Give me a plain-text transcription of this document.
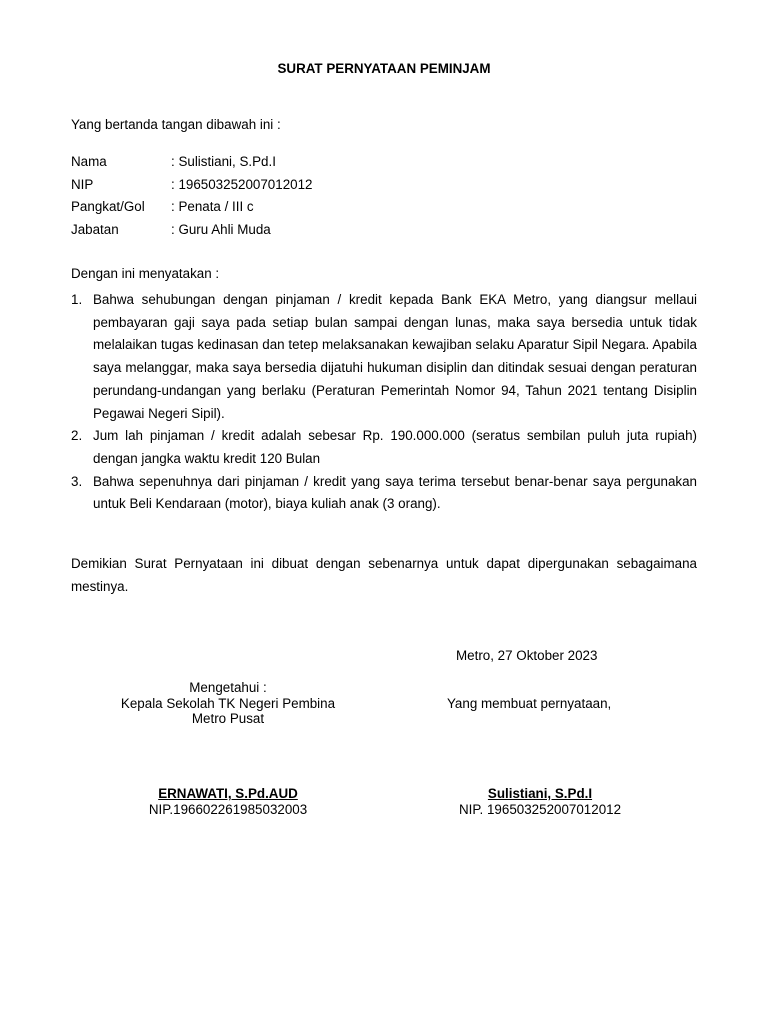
SURAT PERNYATAAN PEMINJAM
Yang bertanda tangan dibawah ini :
Nama	: Sulistiani, S.Pd.I
NIP	: 196503252007012012
Pangkat/Gol	: Penata / III c
Jabatan	: Guru Ahli Muda
Dengan ini menyatakan :
1. Bahwa sehubungan dengan pinjaman / kredit kepada Bank EKA Metro, yang diangsur mellaui pembayaran gaji saya pada setiap bulan sampai dengan lunas, maka saya bersedia untuk tidak melalaikan tugas kedinasan dan tetep melaksanakan kewajiban selaku Aparatur Sipil Negara. Apabila saya melanggar, maka saya bersedia dijatuhi hukuman disiplin dan ditindak sesuai dengan peraturan perundang-undangan yang berlaku (Peraturan Pemerintah Nomor 94, Tahun 2021 tentang Disiplin Pegawai Negeri Sipil).
2. Jum lah pinjaman / kredit adalah sebesar Rp. 190.000.000 (seratus sembilan puluh juta rupiah) dengan jangka waktu kredit 120 Bulan
3. Bahwa sepenuhnya dari pinjaman / kredit yang saya terima tersebut benar-benar saya pergunakan untuk Beli Kendaraan (motor), biaya kuliah anak (3 orang).
Demikian Surat Pernyataan ini dibuat dengan sebenarnya untuk dapat dipergunakan sebagaimana mestinya.
Metro, 27 Oktober 2023
Mengetahui :
Kepala Sekolah TK Negeri Pembina
Metro Pusat
Yang membuat pernyataan,
ERNAWATI, S.Pd.AUD
NIP.196602261985032003
Sulistiani, S.Pd.I
NIP. 196503252007012012
